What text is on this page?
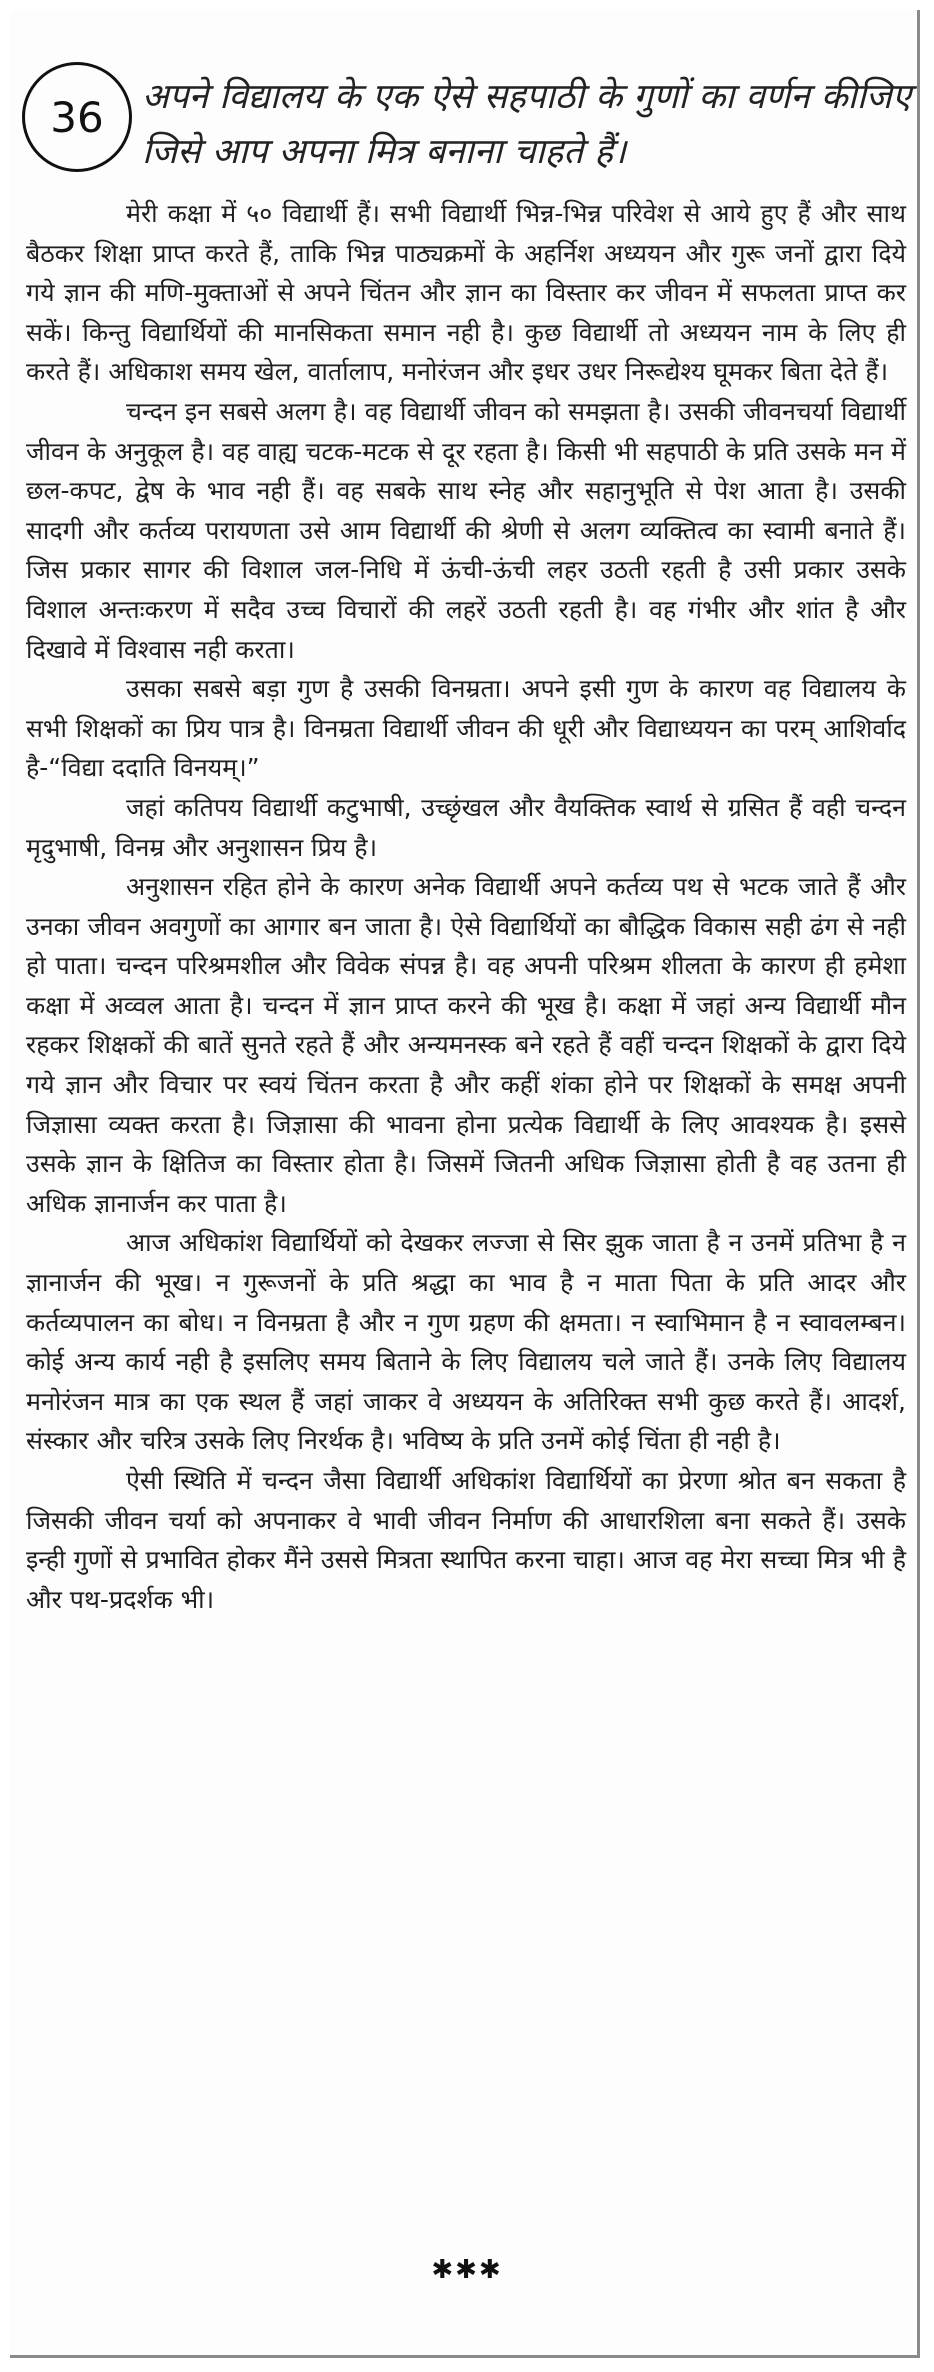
36	अपने विद्यालय के एक ऐसे सहपाठी के गुणों का वर्णन कीजिए जिसे आप अपना मित्र बनाना चाहते हैं।

मेरी कक्षा में ५० विद्यार्थी हैं। सभी विद्यार्थी भिन्न-भिन्न परिवेश से आये हुए हैं और साथ बैठकर शिक्षा प्राप्त करते हैं, ताकि भिन्न पाठ्यक्रमों के अहर्निश अध्ययन और गुरू जनों द्वारा दिये गये ज्ञान की मणि-मुक्ताओं से अपने चिंतन और ज्ञान का विस्तार कर जीवन में सफलता प्राप्त कर सकें। किन्तु विद्यार्थियों की मानसिकता समान नही है। कुछ विद्यार्थी तो अध्ययन नाम के लिए ही करते हैं। अधिकाश समय खेल, वार्तालाप, मनोरंजन और इधर उधर निरूद्येश्य घूमकर बिता देते हैं।

चन्दन इन सबसे अलग है। वह विद्यार्थी जीवन को समझता है। उसकी जीवनचर्या विद्यार्थी जीवन के अनुकूल है। वह वाह्य चटक-मटक से दूर रहता है। किसी भी सहपाठी के प्रति उसके मन में छल-कपट, द्वेष के भाव नही हैं। वह सबके साथ स्नेह और सहानुभूति से पेश आता है। उसकी सादगी और कर्तव्य परायणता उसे आम विद्यार्थी की श्रेणी से अलग व्यक्तित्व का स्वामी बनाते हैं। जिस प्रकार सागर की विशाल जल-निधि में ऊंची-ऊंची लहर उठती रहती है उसी प्रकार उसके विशाल अन्तःकरण में सदैव उच्च विचारों की लहरें उठती रहती है। वह गंभीर और शांत है और दिखावे में विश्वास नही करता।

उसका सबसे बड़ा गुण है उसकी विनम्रता। अपने इसी गुण के कारण वह विद्यालय के सभी शिक्षकों का प्रिय पात्र है। विनम्रता विद्यार्थी जीवन की धूरी और विद्याध्ययन का परम् आशिर्वाद है-“विद्या ददाति विनयम्।”

जहां कतिपय विद्यार्थी कटुभाषी, उच्छृंखल और वैयक्तिक स्वार्थ से ग्रसित हैं वही चन्दन मृदुभाषी, विनम्र और अनुशासन प्रिय है।

अनुशासन रहित होने के कारण अनेक विद्यार्थी अपने कर्तव्य पथ से भटक जाते हैं और उनका जीवन अवगुणों का आगार बन जाता है। ऐसे विद्यार्थियों का बौद्धिक विकास सही ढंग से नही हो पाता। चन्दन परिश्रमशील और विवेक संपन्न है। वह अपनी परिश्रम शीलता के कारण ही हमेशा कक्षा में अव्वल आता है। चन्दन में ज्ञान प्राप्त करने की भूख है। कक्षा में जहां अन्य विद्यार्थी मौन रहकर शिक्षकों की बातें सुनते रहते हैं और अन्यमनस्क बने रहते हैं वहीं चन्दन शिक्षकों के द्वारा दिये गये ज्ञान और विचार पर स्वयं चिंतन करता है और कहीं शंका होने पर शिक्षकों के समक्ष अपनी जिज्ञासा व्यक्त करता है। जिज्ञासा की भावना होना प्रत्येक विद्यार्थी के लिए आवश्यक है। इससे उसके ज्ञान के क्षितिज का विस्तार होता है। जिसमें जितनी अधिक जिज्ञासा होती है वह उतना ही अधिक ज्ञानार्जन कर पाता है।

आज अधिकांश विद्यार्थियों को देखकर लज्जा से सिर झुक जाता है न उनमें प्रतिभा है न ज्ञानार्जन की भूख। न गुरूजनों के प्रति श्रद्धा का भाव है न माता पिता के प्रति आदर और कर्तव्यपालन का बोध। न विनम्रता है और न गुण ग्रहण की क्षमता। न स्वाभिमान है न स्वावलम्बन। कोई अन्य कार्य नही है इसलिए समय बिताने के लिए विद्यालय चले जाते हैं। उनके लिए विद्यालय मनोरंजन मात्र का एक स्थल हैं जहां जाकर वे अध्ययन के अतिरिक्त सभी कुछ करते हैं। आदर्श, संस्कार और चरित्र उसके लिए निरर्थक है। भविष्य के प्रति उनमें कोई चिंता ही नही है।

ऐसी स्थिति में चन्दन जैसा विद्यार्थी अधिकांश विद्यार्थियों का प्रेरणा श्रोत बन सकता है जिसकी जीवन चर्या को अपनाकर वे भावी जीवन निर्माण की आधारशिला बना सकते हैं। उसके इन्ही गुणों से प्रभावित होकर मैंने उससे मित्रता स्थापित करना चाहा। आज वह मेरा सच्चा मित्र भी है और पथ-प्रदर्शक भी।

✱✱✱
